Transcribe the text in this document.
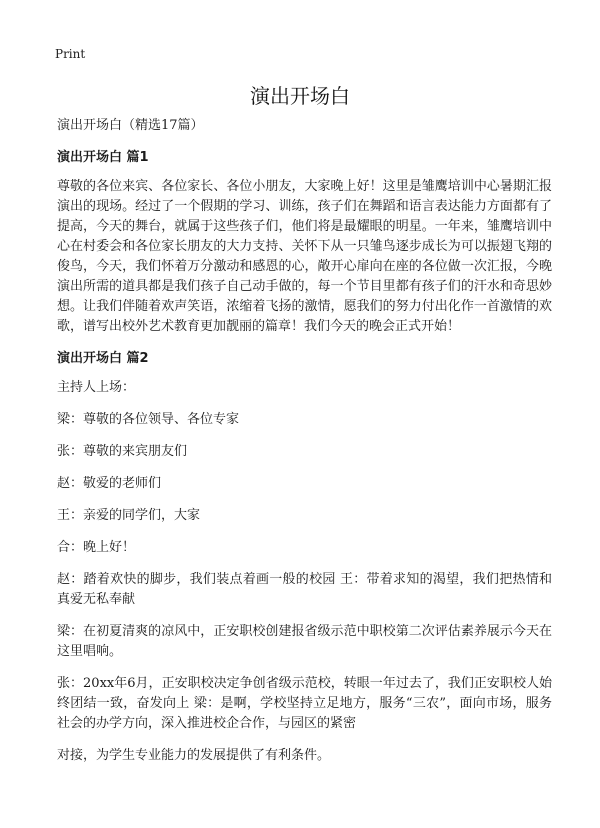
Print
演出开场白

演出开场白（精选17篇）

演出开场白 篇1

尊敬的各位来宾、各位家长、各位小朋友，大家晚上好！这里是雏鹰培训中心暑期汇报演出的现场。经过了一个假期的学习、训练，孩子们在舞蹈和语言表达能力方面都有了提高，今天的舞台，就属于这些孩子们，他们将是最耀眼的明星。一年来，雏鹰培训中心在村委会和各位家长朋友的大力支持、关怀下从一只雏鸟逐步成长为可以振翅飞翔的俊鸟，今天，我们怀着万分激动和感恩的心，敞开心扉向在座的各位做一次汇报，今晚演出所需的道具都是我们孩子自己动手做的，每一个节目里都有孩子们的汗水和奇思妙想。让我们伴随着欢声笑语，浓缩着飞扬的激情，愿我们的努力付出化作一首激情的欢歌，谱写出校外艺术教育更加靓丽的篇章！我们今天的晚会正式开始！

演出开场白 篇2

主持人上场：

梁：尊敬的各位领导、各位专家

张：尊敬的来宾朋友们

赵：敬爱的老师们

王：亲爱的同学们，大家

合：晚上好！

赵：踏着欢快的脚步，我们装点着画一般的校园 王：带着求知的渴望，我们把热情和真爱无私奉献

梁：在初夏清爽的凉风中，正安职校创建报省级示范中职校第二次评估素养展示今天在这里唱响。

张：20xx年6月，正安职校决定争创省级示范校，转眼一年过去了，我们正安职校人始终团结一致，奋发向上 梁：是啊，学校坚持立足地方，服务“三农”，面向市场，服务社会的办学方向，深入推进校企合作，与园区的紧密

对接，为学生专业能力的发展提供了有利条件。
